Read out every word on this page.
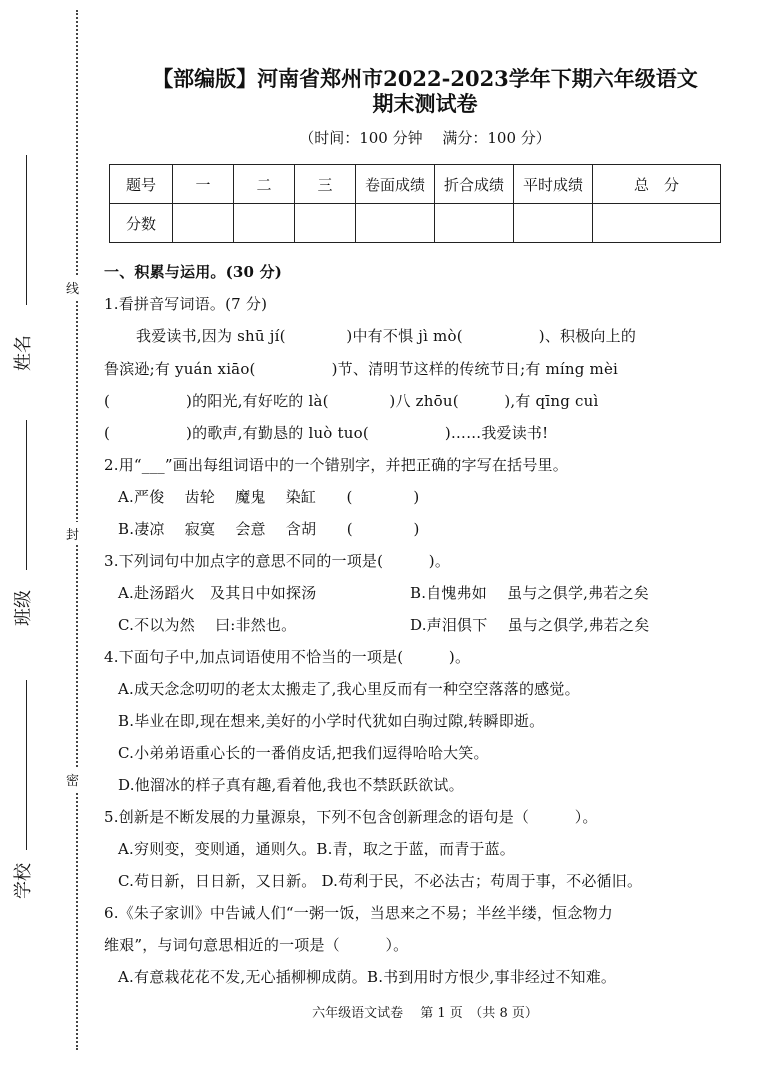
线
封
密
姓名
班级
学校
【部编版】河南省郑州市2022-2023学年下期六年级语文
期末测试卷
（时间：100 分钟　 满分：100 分）
题号	一	二	三	卷面成绩	折合成绩	平时成绩	总　分
分数							
一、积累与运用。(30 分)
1.看拼音写词语。(7 分)
我爱读书,因为 shū jí(　　　　)中有不惧 jì mò(　　　　　)、积极向上的
鲁滨逊;有 yuán xiāo(　　　　　)节、清明节这样的传统节日;有 míng mèi
(　　　　　)的阳光,有好吃的 là(　　　　)八 zhōu(　　　),有 qīng cuì
(　　　　　)的歌声,有勤恳的 luò tuo(　　　　　)……我爱读书!
2.用“___”画出每组词语中的一个错别字，并把正确的字写在括号里。
A.严俊　 齿轮　 魔鬼　 染缸　　(　　　　)
B.凄凉　 寂寞　 会意　 含胡　　(　　　　)
3.下列词句中加点字的意思不同的一项是(　　　)。
A.赴汤蹈火　及其日中如探汤	B.自愧弗如　 虽与之俱学,弗若之矣
C.不以为然　 曰:非然也。	D.声泪俱下　 虽与之俱学,弗若之矣
4.下面句子中,加点词语使用不恰当的一项是(　　　)。
A.成天念念叨叨的老太太搬走了,我心里反而有一种空空落落的感觉。
B.毕业在即,现在想来,美好的小学时代犹如白驹过隙,转瞬即逝。
C.小弟弟语重心长的一番俏皮话,把我们逗得哈哈大笑。
D.他溜冰的样子真有趣,看着他,我也不禁跃跃欲试。
5.创新是不断发展的力量源泉，下列不包含创新理念的语句是（　　　）。
A.穷则变，变则通，通则久。B.青，取之于蓝，而青于蓝。
C.苟日新，日日新，又日新。 D.苟利于民，不必法古；苟周于事，不必循旧。
6.《朱子家训》中告诫人们“一粥一饭，当思来之不易；半丝半缕，恒念物力
维艰”，与词句意思相近的一项是（　　　）。
A.有意栽花花不发,无心插柳柳成荫。B.书到用时方恨少,事非经过不知难。
六年级语文试卷　 第 1 页　（共 8 页）
